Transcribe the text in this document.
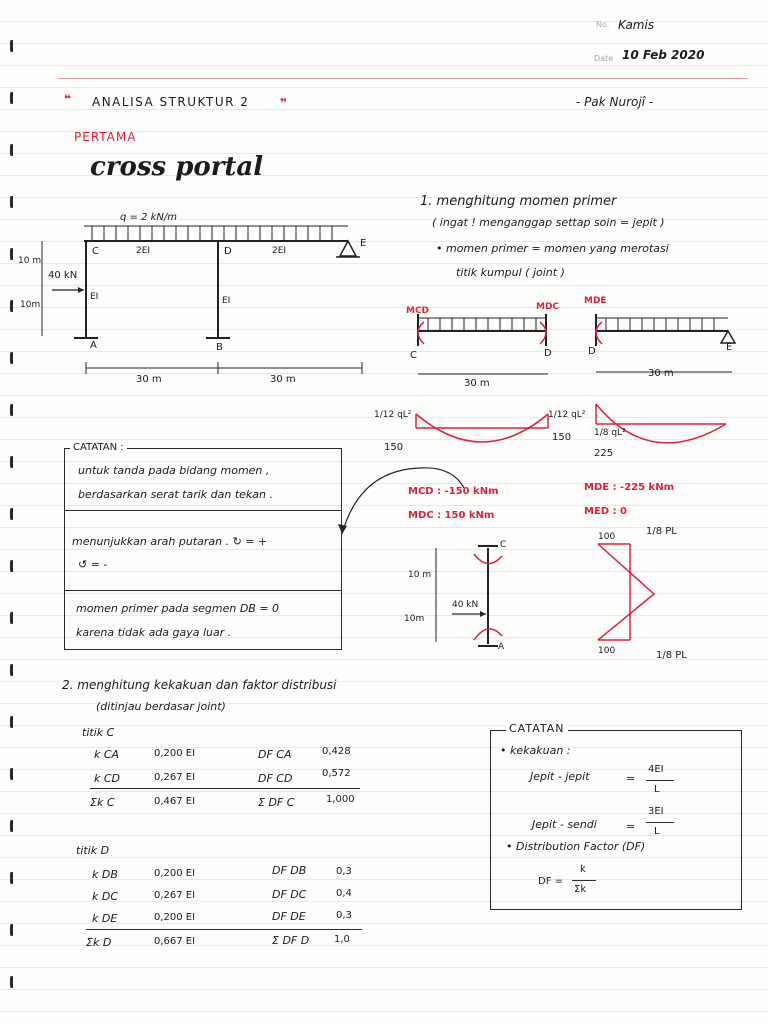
No. Kamis
Date 10 Feb 2020
❝ ANALISA STRUKTUR 2	❞	- Pak Nurojî -
PERTAMA
cross portal
q = 2 kN/m
2EI	2EI
C	D
E
EI	EI
A	B
10 m
10m
40 kN
30 m	30 m
1. menghitung momen primer
( ingat ! menganggap settap soin = jepit )
• momen primer = momen yang merotasi
titik kumpul ( joint )
MCD	MDC
MDE
C	D	D	E
30 m
30 m
1/12 qL²	1/12 qL²
1/8 qL²
150
150
225
MCD : -150 kNm
MDC : 150 kNm
MDE : -225 kNm
MED : 0
C
A
10 m
10m
40 kN
100
100
1/8 PL
1/8 PL
CATATAN :
untuk tanda pada bidang momen ,
berdasarkan serat tarik dan tekan .
menunjukkan arah putaran . ↻ = +
↺ = -
momen primer pada segmen DB = 0
karena tidak ada gaya luar .
2. menghitung kekakuan dan faktor distribusi
(ditinjau berdasar joint)
titik C
k CA	0,200 EI	DF CA	0,428
k CD	0,267 EI	DF CD	0,572
Σk C	0,467 EI	Σ DF C	1,000
titik D
k DB	0,200 EI	DF DB	0,3
k DC	0,267 EI	DF DC	0,4
k DE	0,200 EI	DF DE	0,3
Σk D	0,667 EI	Σ DF D 1,0
CATATAN
• kekakuan :
Jepit - jepit	=
4EI
L
Jepit - sendi	=
3EI
L
• Distribution Factor (DF)
DF =
k
Σk
